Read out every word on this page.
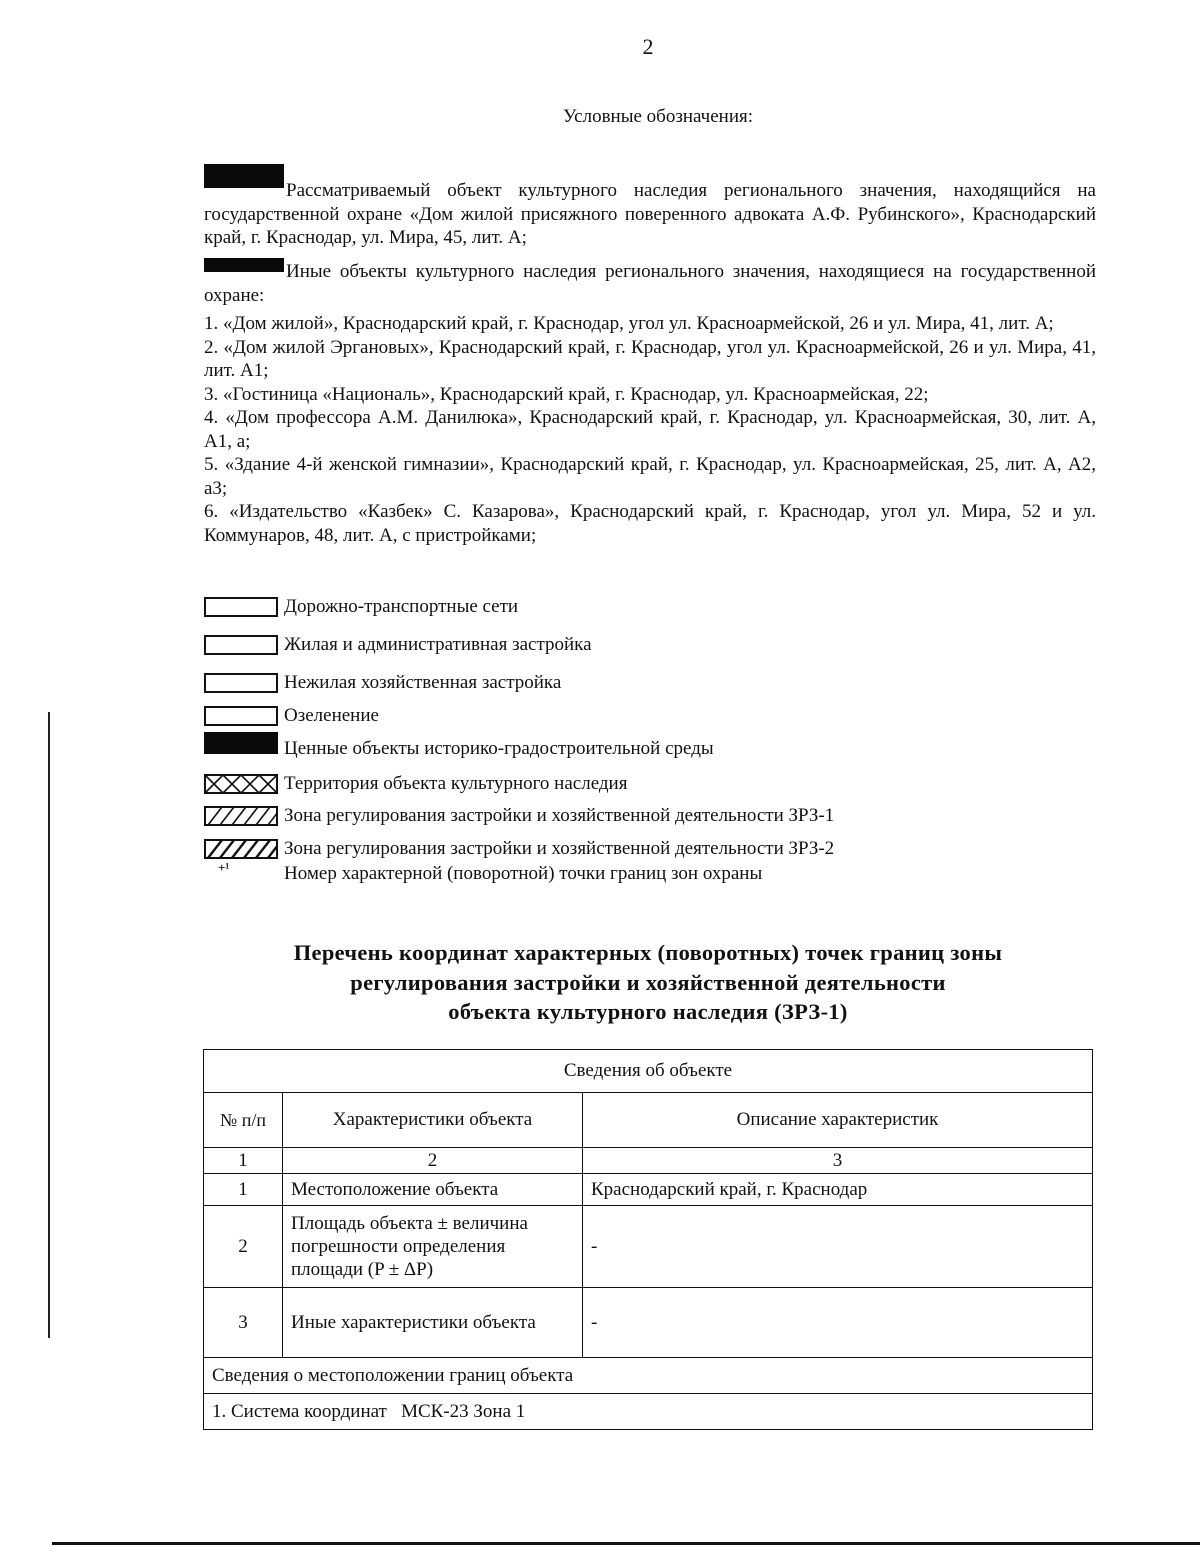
2
Условные обозначения:
Рассматриваемый объект культурного наследия регионального значения, находящийся на государственной охране «Дом жилой присяжного поверенного адвоката А.Ф. Рубинского», Краснодарский край, г. Краснодар, ул. Мира, 45, лит. А;
Иные объекты культурного наследия регионального значения, находящиеся на государственной охране:
1. «Дом жилой», Краснодарский край, г. Краснодар, угол ул. Красноармейской, 26 и ул. Мира, 41, лит. А;
2. «Дом жилой Эргановых», Краснодарский край, г. Краснодар, угол ул. Красноармейской, 26 и ул. Мира, 41, лит. А1;
3. «Гостиница «Националь», Краснодарский край, г. Краснодар, ул. Красноармейская, 22;
4. «Дом профессора А.М. Данилюка», Краснодарский край, г. Краснодар, ул. Красноармейская, 30, лит. А, А1, а;
5. «Здание 4-й женской гимназии», Краснодарский край, г. Краснодар, ул. Красноармейская, 25, лит. А, А2, а3;
6. «Издательство «Казбек» С. Казарова», Краснодарский край, г. Краснодар, угол ул. Мира, 52 и ул. Коммунаров, 48, лит. А, с пристройками;
Дорожно-транспортные сети
Жилая и административная застройка
Нежилая хозяйственная застройка
Озеленение
Ценные объекты историко-градостроительной среды
Территория объекта культурного наследия
Зона регулирования застройки и хозяйственной деятельности ЗРЗ-1
Зона регулирования застройки и хозяйственной деятельности ЗРЗ-2
+¹	Номер характерной (поворотной) точки границ зон охраны
Перечень координат характерных (поворотных) точек границ зоны
регулирования застройки и хозяйственной деятельности
объекта культурного наследия (ЗРЗ-1)
Сведения об объекте		
№ п/п	Характеристики объекта	Описание характеристик
1	2	3
1	Местоположение объекта	Краснодарский край, г. Краснодар
2	Площадь объекта ± величина погрешности определения площади (P ± ΔP)	-
3	Иные характеристики объекта	-
Сведения о местоположении границ объекта		
1. Система координат   МСК-23 Зона 1		
